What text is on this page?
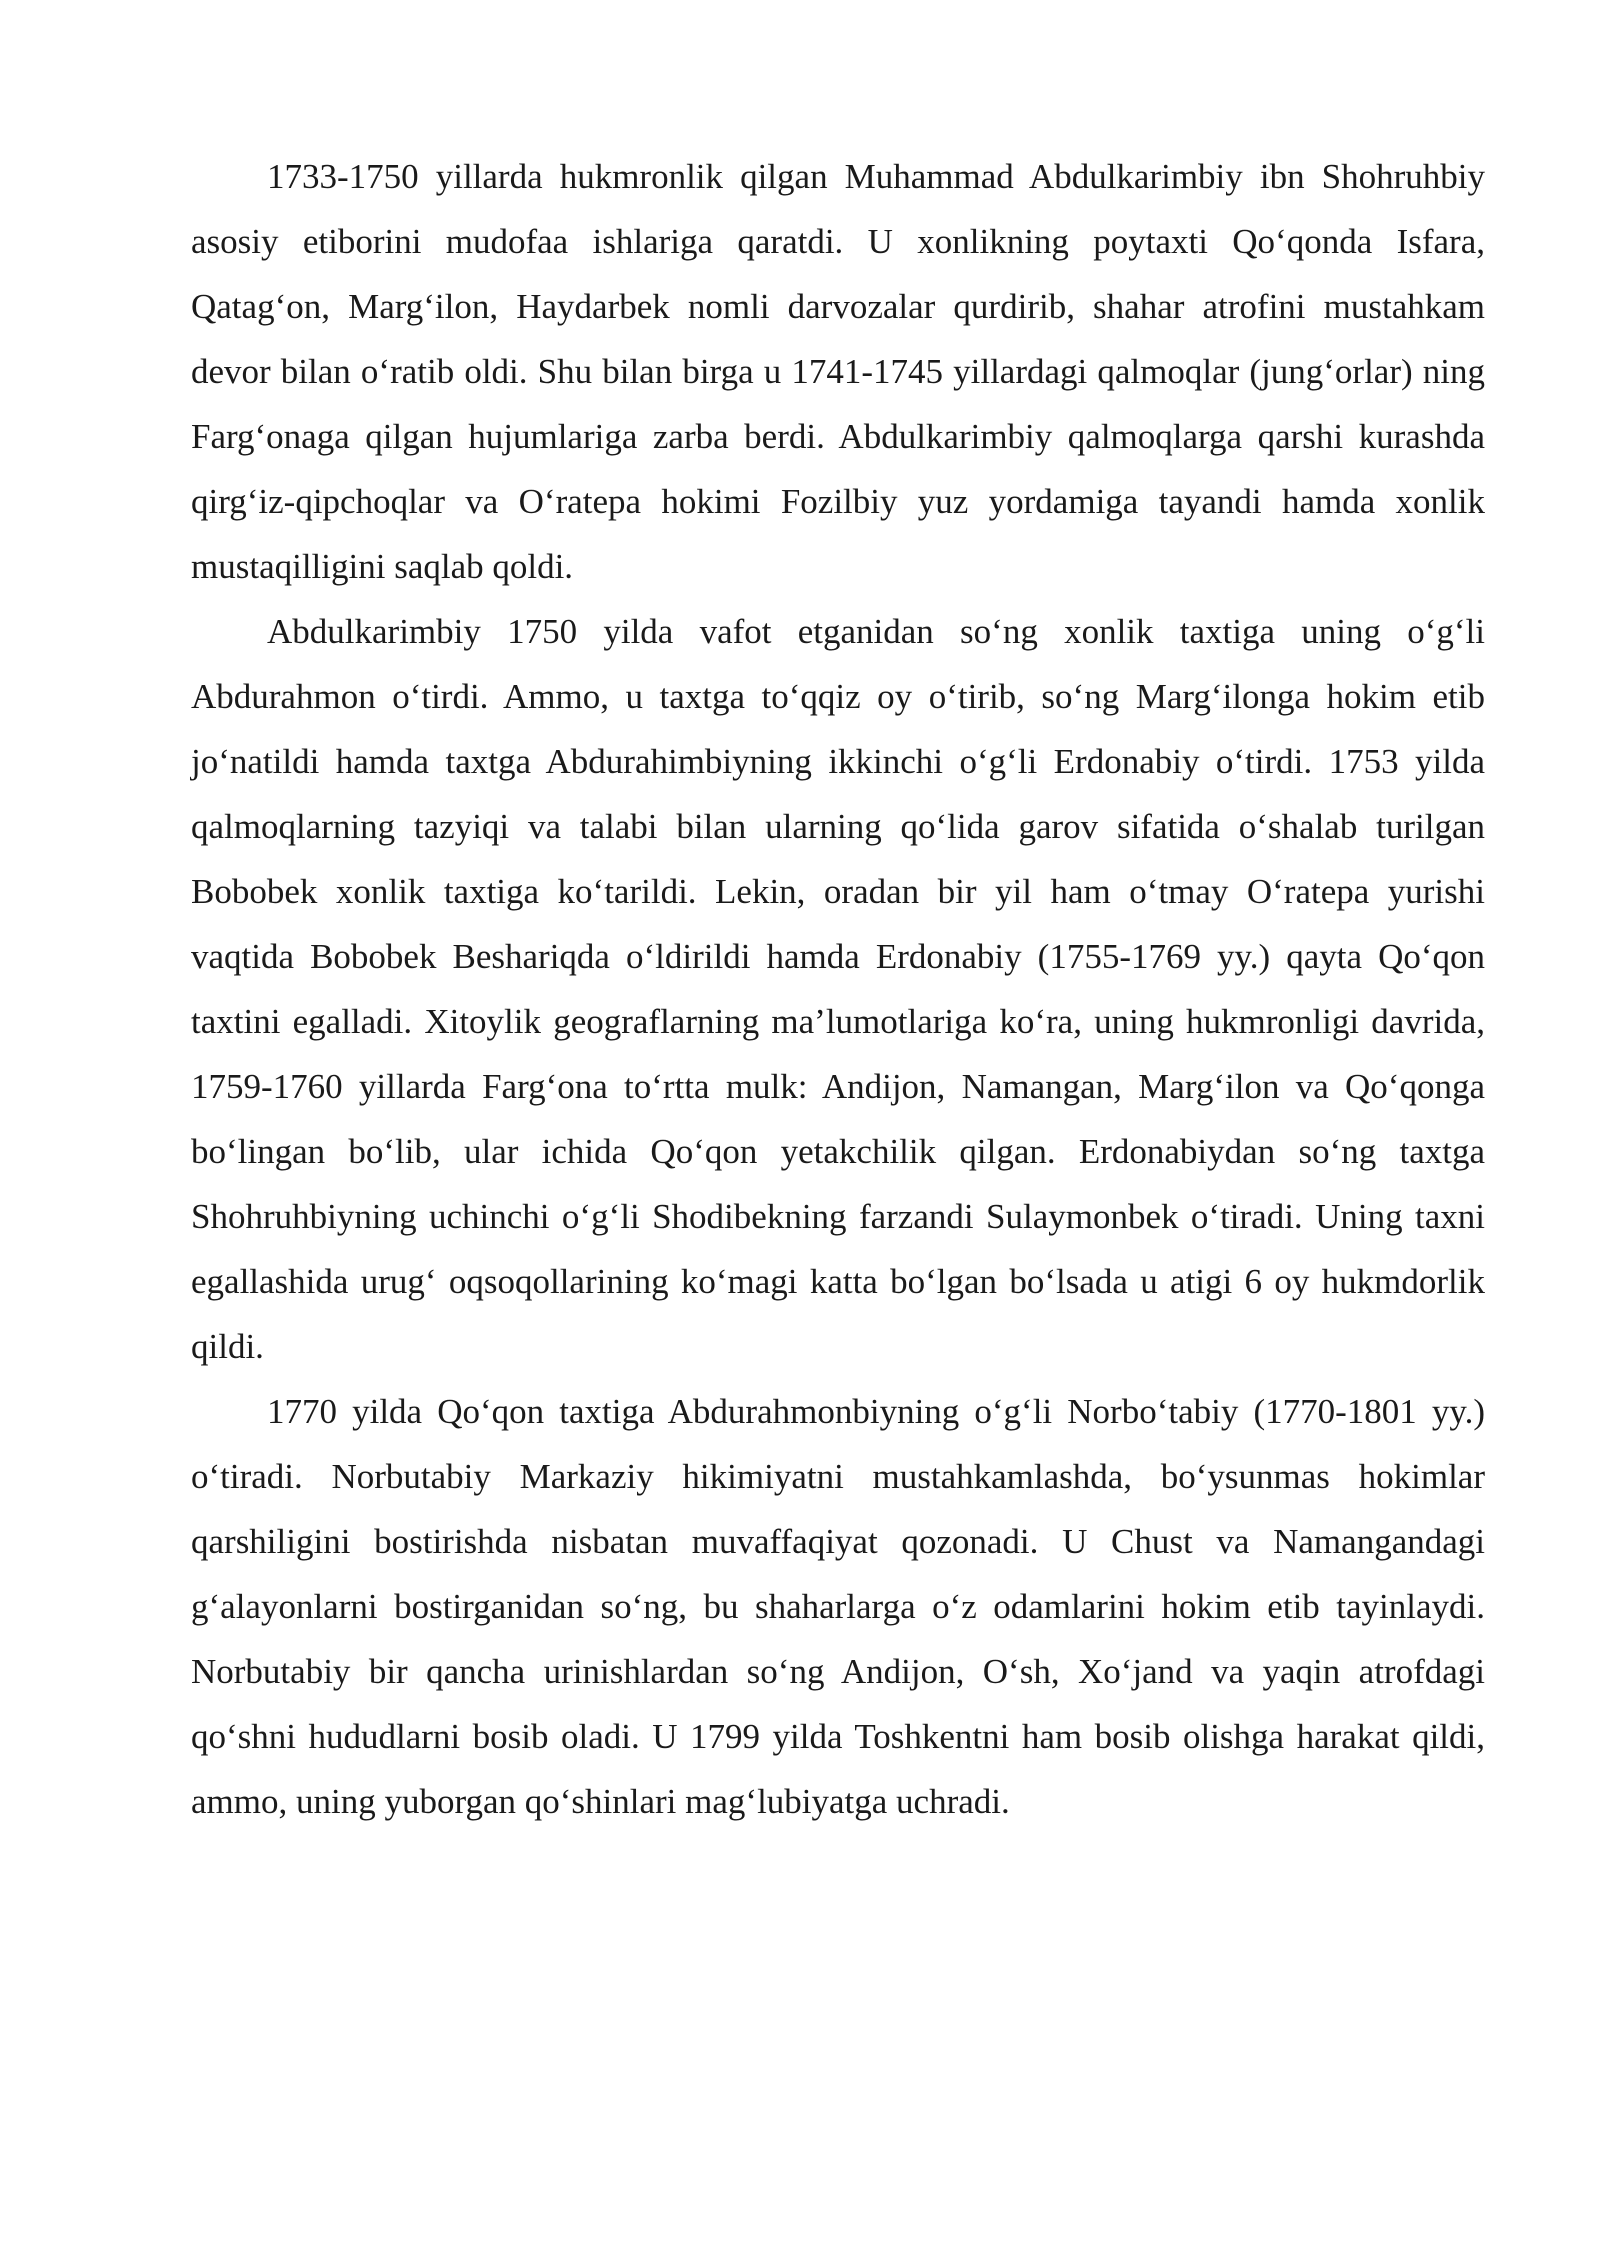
1733-1750 yillarda hukmronlik qilgan Muhammad Abdulkarimbiy ibn Shohruhbiy asosiy etiborini mudofaa ishlariga qaratdi. U xonlikning poytaxti Qo‘qonda Isfara, Qatag‘on, Marg‘ilon, Haydarbek nomli darvozalar qurdirib, shahar atrofini mustahkam devor bilan o‘ratib oldi. Shu bilan birga u 1741-1745 yillardagi qalmoqlar (jung‘orlar) ning Farg‘onaga qilgan hujumlariga zarba berdi. Abdulkarimbiy qalmoqlarga qarshi kurashda qirg‘iz-qipchoqlar va O‘ratepa hokimi Fozilbiy yuz yordamiga tayandi hamda xonlik mustaqilligini saqlab qoldi.

Abdulkarimbiy 1750 yilda vafot etganidan so‘ng xonlik taxtiga uning o‘g‘li Abdurahmon o‘tirdi. Ammo, u taxtga to‘qqiz oy o‘tirib, so‘ng Marg‘ilonga hokim etib jo‘natildi hamda taxtga Abdurahimbiyning ikkinchi o‘g‘li Erdonabiy o‘tirdi. 1753 yilda qalmoqlarning tazyiqi va talabi bilan ularning qo‘lida garov sifatida o‘shalab turilgan Bobobek xonlik taxtiga ko‘tarildi. Lekin, oradan bir yil ham o‘tmay O‘ratepa yurishi vaqtida Bobobek Beshariqda o‘ldirildi hamda Erdonabiy (1755-1769 yy.) qayta Qo‘qon taxtini egalladi. Xitoylik geograflarning ma’lumotlariga ko‘ra, uning hukmronligi davrida, 1759-1760 yillarda Farg‘ona to‘rtta mulk: Andijon, Namangan, Marg‘ilon va Qo‘qonga bo‘lingan bo‘lib, ular ichida Qo‘qon yetakchilik qilgan. Erdonabiydan so‘ng taxtga Shohruhbiyning uchinchi o‘g‘li Shodibekning farzandi Sulaymonbek o‘tiradi. Uning taxni egallashida urug‘ oqsoqollarining ko‘magi katta bo‘lgan bo‘lsada u atigi 6 oy hukmdorlik qildi.

1770 yilda Qo‘qon taxtiga Abdurahmonbiyning o‘g‘li Norbo‘tabiy (1770-1801 yy.) o‘tiradi. Norbutabiy Markaziy hikimiyatni mustahkamlashda, bo‘ysunmas hokimlar qarshiligini bostirishda nisbatan muvaffaqiyat qozonadi. U Chust va Namangandagi g‘alayonlarni bostirganidan so‘ng, bu shaharlarga o‘z odamlarini hokim etib tayinlaydi. Norbutabiy bir qancha urinishlardan so‘ng Andijon, O‘sh, Xo‘jand va yaqin atrofdagi qo‘shni hududlarni bosib oladi. U 1799 yilda Toshkentni ham bosib olishga harakat qildi, ammo, uning yuborgan qo‘shinlari mag‘lubiyatga uchradi.
